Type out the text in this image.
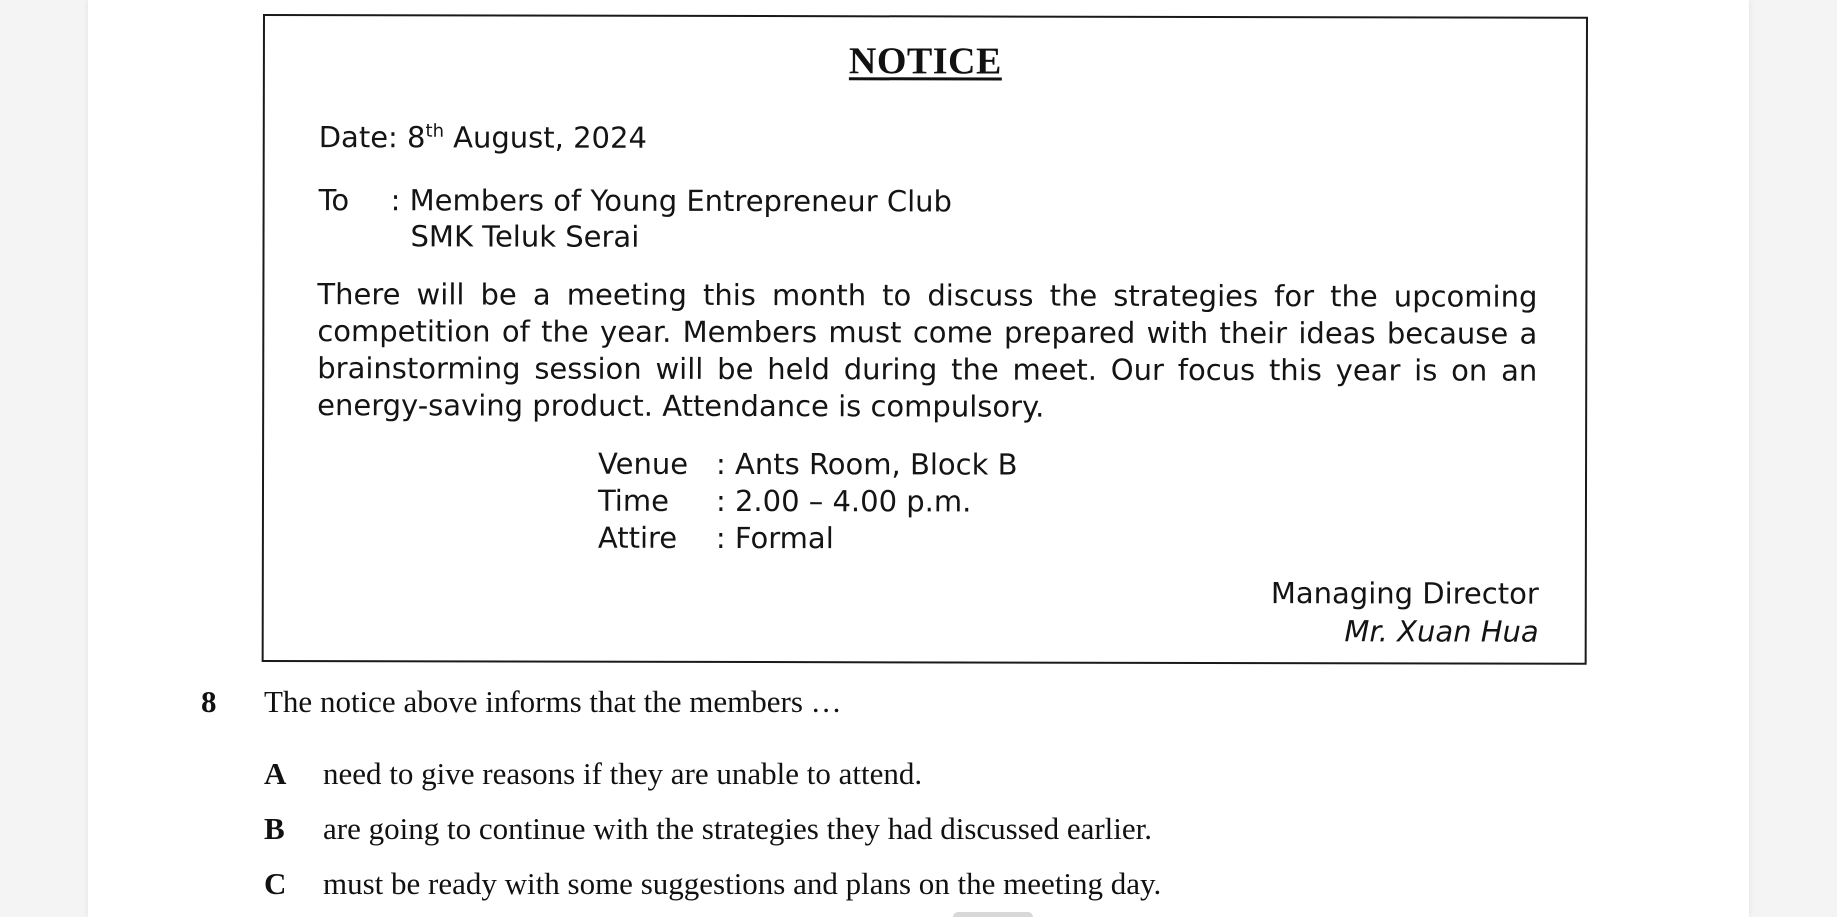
NOTICE
Date: 8th August, 2024
To	: Members of Young Entrepreneur Club
SMK Teluk Serai
There will be a meeting this month to discuss the strategies for the upcoming competition of the year. Members must come prepared with their ideas because a brainstorming session will be held during the meet. Our focus this year is on an energy-saving product. Attendance is compulsory.
Venue : Ants Room, Block B
Time	: 2.00 – 4.00 p.m.
Attire	: Formal
Managing Director
Mr. Xuan Hua
8 The notice above informs that the members …
A	need to give reasons if they are unable to attend.
B	are going to continue with the strategies they had discussed earlier.
C	must be ready with some suggestions and plans on the meeting day.
